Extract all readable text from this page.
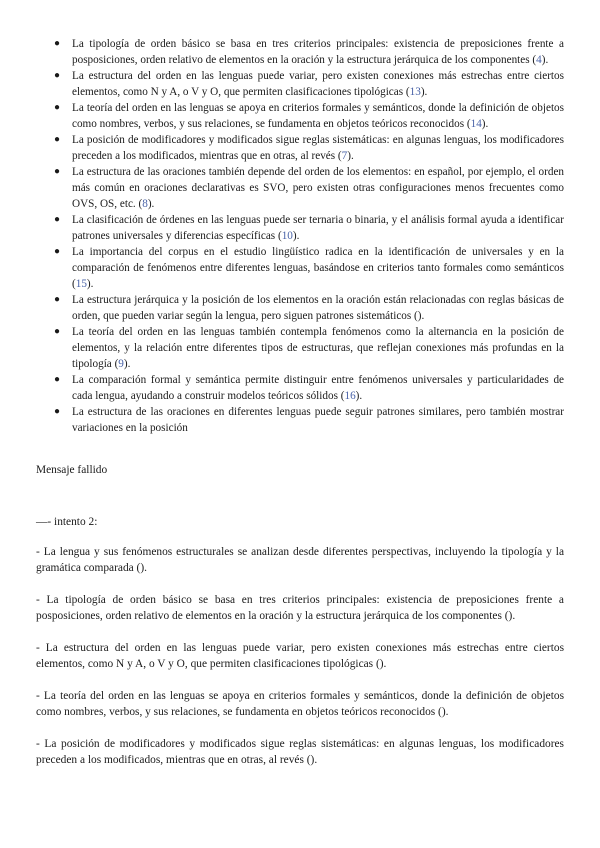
● La tipología de orden básico se basa en tres criterios principales: existencia de preposiciones frente a posposiciones, orden relativo de elementos en la oración y la estructura jerárquica de los componentes (4).
● La estructura del orden en las lenguas puede variar, pero existen conexiones más estrechas entre ciertos elementos, como N y A, o V y O, que permiten clasificaciones tipológicas (13).
● La teoría del orden en las lenguas se apoya en criterios formales y semánticos, donde la definición de objetos como nombres, verbos, y sus relaciones, se fundamenta en objetos teóricos reconocidos (14).
● La posición de modificadores y modificados sigue reglas sistemáticas: en algunas lenguas, los modificadores preceden a los modificados, mientras que en otras, al revés (7).
● La estructura de las oraciones también depende del orden de los elementos: en español, por ejemplo, el orden más común en oraciones declarativas es SVO, pero existen otras configuraciones menos frecuentes como OVS, OS, etc. (8).
● La clasificación de órdenes en las lenguas puede ser ternaria o binaria, y el análisis formal ayuda a identificar patrones universales y diferencias específicas (10).
● La importancia del corpus en el estudio lingüístico radica en la identificación de universales y en la comparación de fenómenos entre diferentes lenguas, basándose en criterios tanto formales como semánticos (15).
● La estructura jerárquica y la posición de los elementos en la oración están relacionadas con reglas básicas de orden, que pueden variar según la lengua, pero siguen patrones sistemáticos ().
● La teoría del orden en las lenguas también contempla fenómenos como la alternancia en la posición de elementos, y la relación entre diferentes tipos de estructuras, que reflejan conexiones más profundas en la tipología (9).
● La comparación formal y semántica permite distinguir entre fenómenos universales y particularidades de cada lengua, ayudando a construir modelos teóricos sólidos (16).
● La estructura de las oraciones en diferentes lenguas puede seguir patrones similares, pero también mostrar variaciones en la posición

Mensaje fallido

—- intento 2:

- La lengua y sus fenómenos estructurales se analizan desde diferentes perspectivas, incluyendo la tipología y la gramática comparada ().

- La tipología de orden básico se basa en tres criterios principales: existencia de preposiciones frente a posposiciones, orden relativo de elementos en la oración y la estructura jerárquica de los componentes ().

- La estructura del orden en las lenguas puede variar, pero existen conexiones más estrechas entre ciertos elementos, como N y A, o V y O, que permiten clasificaciones tipológicas ().

- La teoría del orden en las lenguas se apoya en criterios formales y semánticos, donde la definición de objetos como nombres, verbos, y sus relaciones, se fundamenta en objetos teóricos reconocidos ().

- La posición de modificadores y modificados sigue reglas sistemáticas: en algunas lenguas, los modificadores preceden a los modificados, mientras que en otras, al revés ().
